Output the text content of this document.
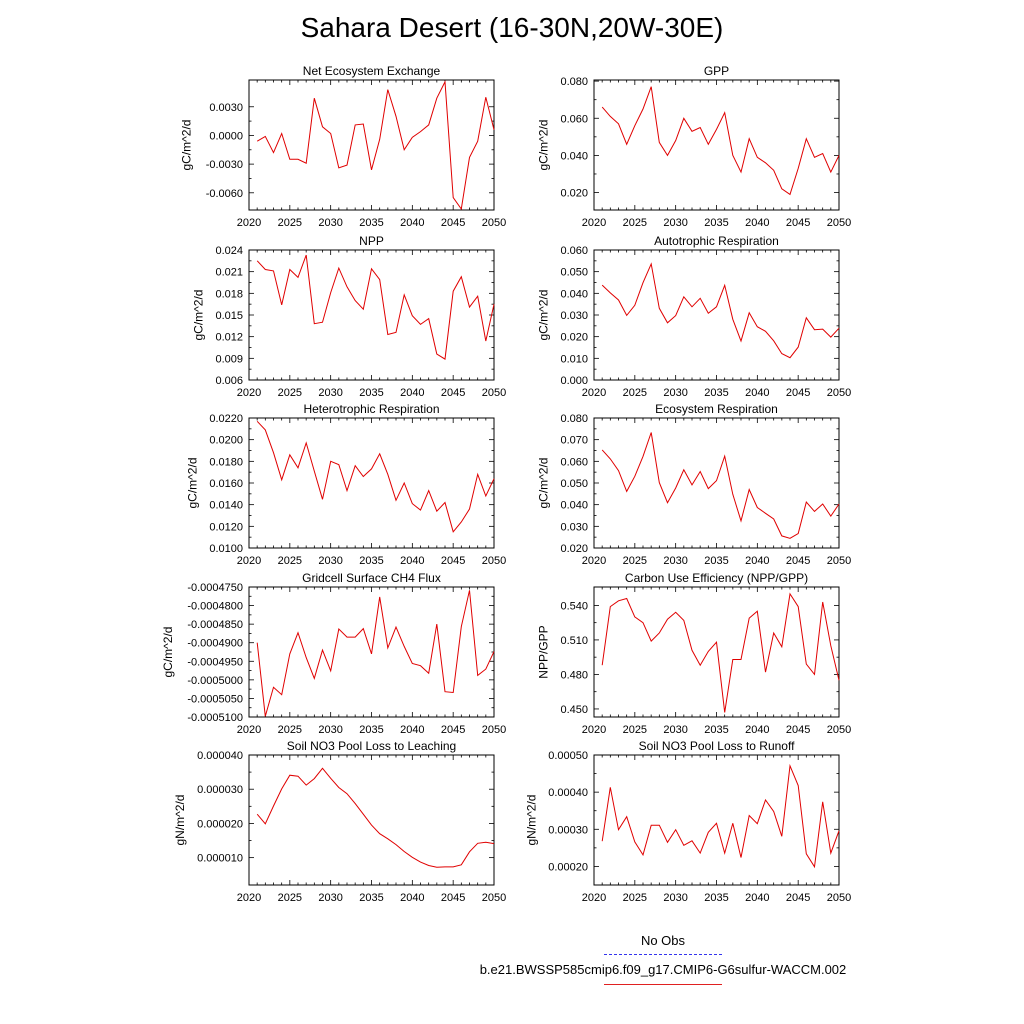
Sahara Desert (16-30N,20W-30E)
Net Ecosystem Exchange
2020 2025 2030 2035 2040 2045 2050
0.0030
0.0000
-0.0030
-0.0060
gC/m^2/d
GPP
2020 2025 2030 2035 2040 2045 2050
0.080
0.060
0.040
0.020
gC/m^2/d
NPP
2020 2025 2030 2035 2040 2045 2050
0.024
0.021
0.018
0.015
0.012
0.009
0.006
gC/m^2/d
Autotrophic Respiration
2020 2025 2030 2035 2040 2045 2050
0.060
0.050
0.040
0.030
0.020
0.010
0.000
gC/m^2/d
Heterotrophic Respiration
2020 2025 2030 2035 2040 2045 2050
0.0220
0.0200
0.0180
0.0160
0.0140
0.0120
0.0100
gC/m^2/d
Ecosystem Respiration
2020 2025 2030 2035 2040 2045 2050
0.080
0.070
0.060
0.050
0.040
0.030
0.020
gC/m^2/d
Gridcell Surface CH4 Flux
2020 2025 2030 2035 2040 2045 2050
-0.0004750
-0.0004800
-0.0004850
-0.0004900
-0.0004950
-0.0005000
-0.0005050
-0.0005100
gC/m^2/d
Carbon Use Efficiency (NPP/GPP)
2020 2025 2030 2035 2040 2045 2050
0.540
0.510
0.480
0.450
NPP/GPP
Soil NO3 Pool Loss to Leaching
2020 2025 2030 2035 2040 2045 2050
0.000040
0.000030
0.000020
0.000010
gN/m^2/d
Soil NO3 Pool Loss to Runoff
2020 2025 2030 2035 2040 2045 2050
0.00050
0.00040
0.00030
0.00020
gN/m^2/d
No Obs
b.e21.BWSSP585cmip6.f09_g17.CMIP6-G6sulfur-WACCM.002
